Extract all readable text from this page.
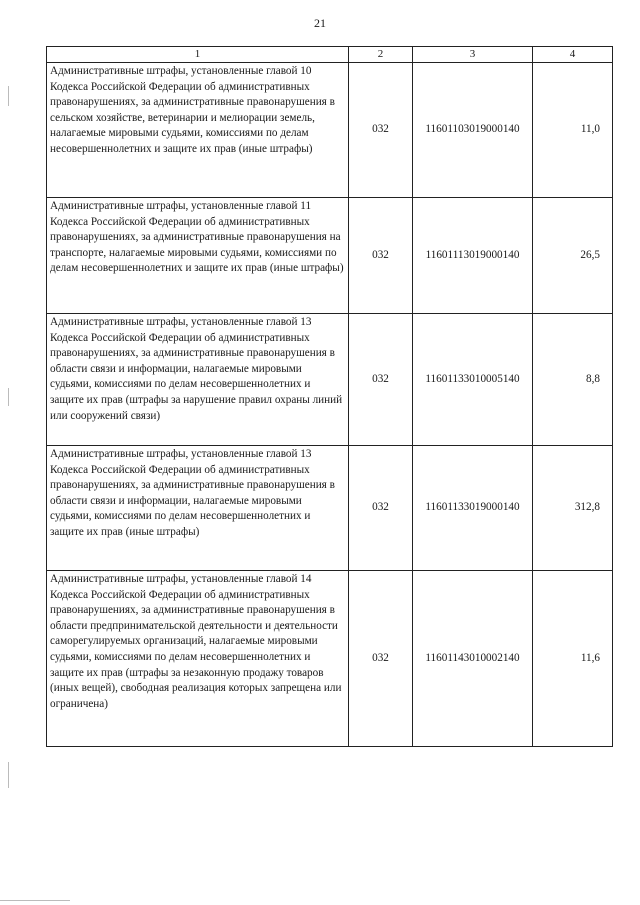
21
1	2	3	4
Административные штрафы, установленные главой 10 Кодекса Российской Федерации об административных правонарушениях, за административные правонарушения в сельском хозяйстве, ветеринарии и мелиорации земель, налагаемые мировыми судьями, комиссиями по делам несовершеннолетних и защите их прав (иные штрафы)	032	11601103019000140	11,0
Административные штрафы, установленные главой 11 Кодекса Российской Федерации об административных правонарушениях, за административные правонарушения на транспорте, налагаемые мировыми судьями, комиссиями по делам несовершеннолетних и защите их прав (иные штрафы)	032	11601113019000140	26,5
Административные штрафы, установленные главой 13 Кодекса Российской Федерации об административных правонарушениях, за административные правонарушения в области связи и информации, налагаемые мировыми судьями, комиссиями по делам несовершеннолетних и защите их прав (штрафы за нарушение правил охраны линий или сооружений связи)	032	11601133010005140	8,8
Административные штрафы, установленные главой 13 Кодекса Российской Федерации об административных правонарушениях, за административные правонарушения в области связи и информации, налагаемые мировыми судьями, комиссиями по делам несовершеннолетних и защите их прав (иные штрафы)	032	11601133019000140	312,8
Административные штрафы, установленные главой 14 Кодекса Российской Федерации об административных правонарушениях, за административные правонарушения в области предпринимательской деятельности и деятельности саморегулируемых организаций, налагаемые мировыми судьями, комиссиями по делам несовершеннолетних и защите их прав (штрафы за незаконную продажу товаров (иных вещей), свободная реализация которых запрещена или ограничена)	032	11601143010002140	11,6
